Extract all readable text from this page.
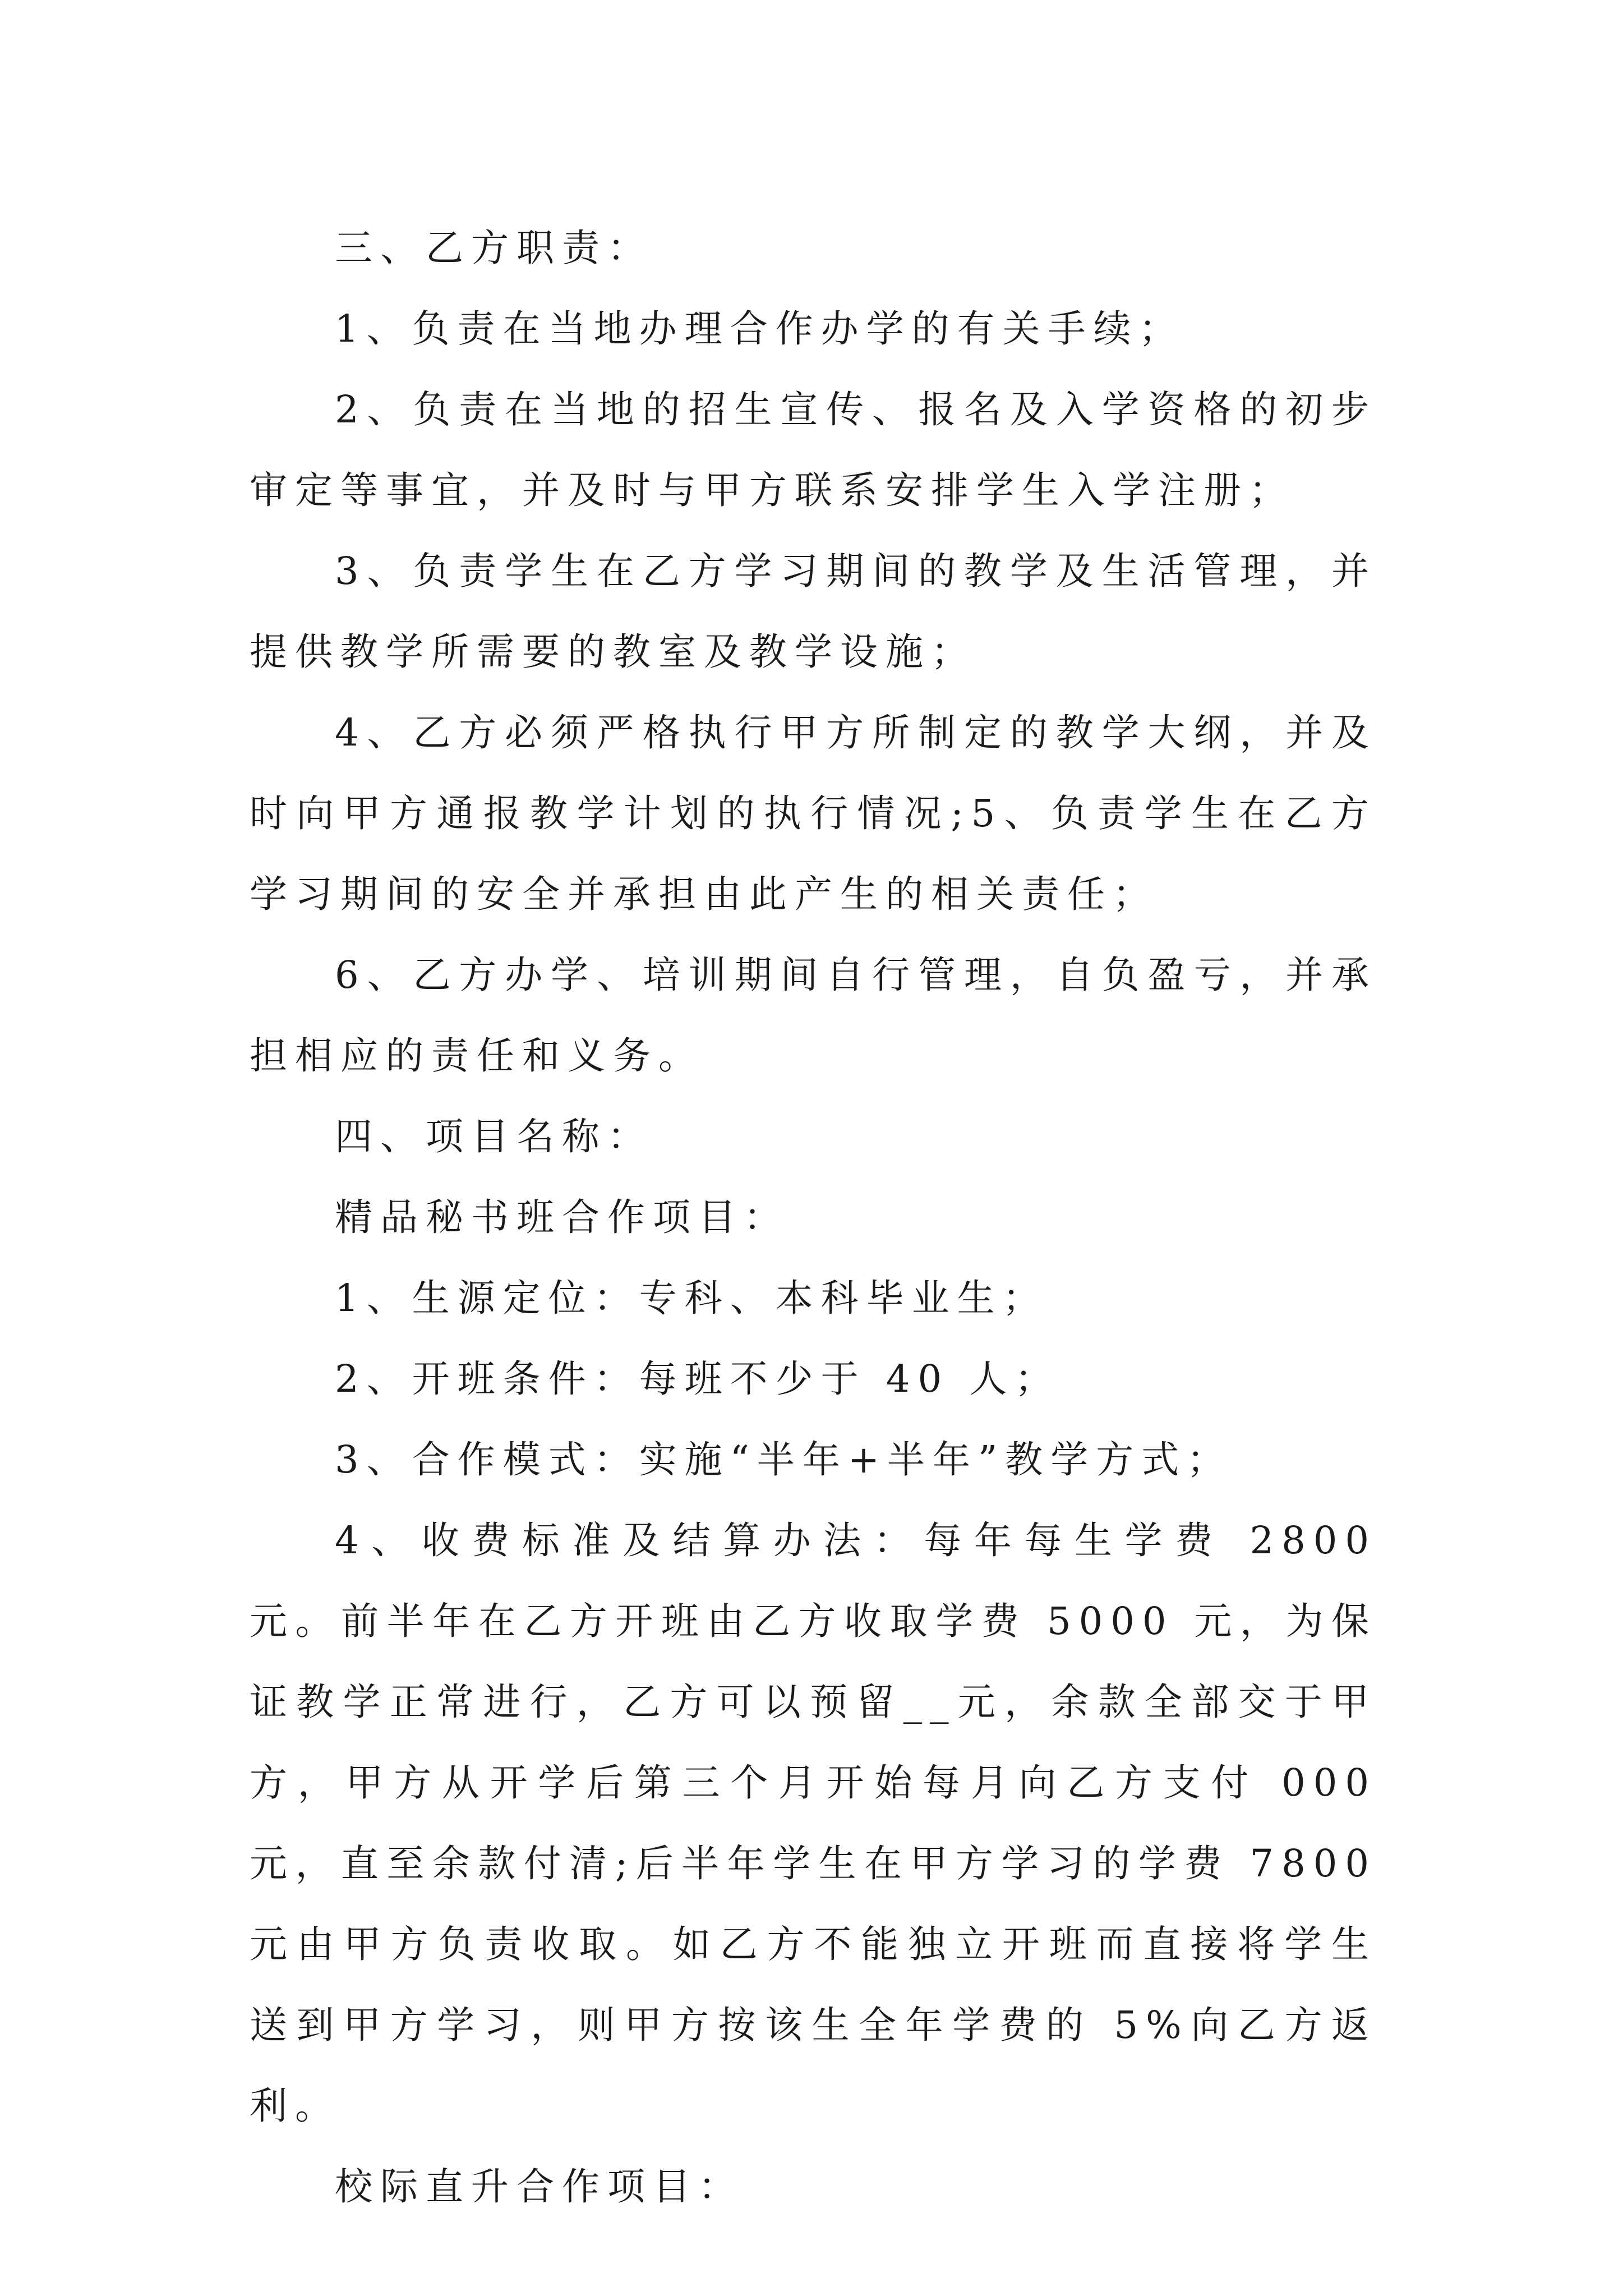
三、乙方职责：

1、负责在当地办理合作办学的有关手续；

2、负责在当地的招生宣传、报名及入学资格的初步审定等事宜，并及时与甲方联系安排学生入学注册；

3、负责学生在乙方学习期间的教学及生活管理，并提供教学所需要的教室及教学设施；

4、乙方必须严格执行甲方所制定的教学大纲，并及时向甲方通报教学计划的执行情况;5、负责学生在乙方学习期间的安全并承担由此产生的相关责任；

6、乙方办学、培训期间自行管理，自负盈亏，并承担相应的责任和义务。

四、项目名称：

精品秘书班合作项目：

1、生源定位：专科、本科毕业生；

2、开班条件：每班不少于 40 人；

3、合作模式：实施“半年+半年”教学方式；

4、收费标准及结算办法：每年每生学费 2800 元。前半年在乙方开班由乙方收取学费 5000 元，为保证教学正常进行，乙方可以预留__元，余款全部交于甲方，甲方从开学后第三个月开始每月向乙方支付 000 元，直至余款付清;后半年学生在甲方学习的学费 7800 元由甲方负责收取。如乙方不能独立开班而直接将学生送到甲方学习，则甲方按该生全年学费的 5%向乙方返利。

校际直升合作项目：
